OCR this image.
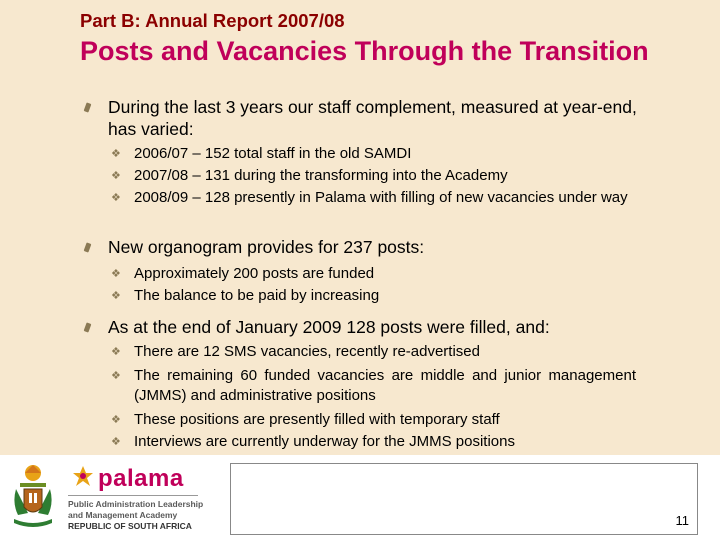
Part B: Annual Report 2007/08
Posts and Vacancies Through the Transition
During the last 3 years our staff complement, measured at year-end, has varied:
❖ 2006/07 – 152 total staff in the old SAMDI
❖ 2007/08 – 131 during the transforming into the Academy
❖ 2008/09 – 128 presently in Palama with filling of new vacancies under way
New organogram provides for 237 posts:
❖ Approximately 200 posts are funded
❖ The balance to be paid by increasing
As at the end of January 2009 128 posts were filled, and:
❖ There are 12 SMS vacancies, recently re-advertised
❖ The remaining 60 funded vacancies are middle and junior management (JMMS) and administrative positions
❖ These positions are presently filled with temporary staff
❖ Interviews are currently underway for the JMMS positions
palama
Public Administration Leadership
and Management Academy
REPUBLIC OF SOUTH AFRICA	11
